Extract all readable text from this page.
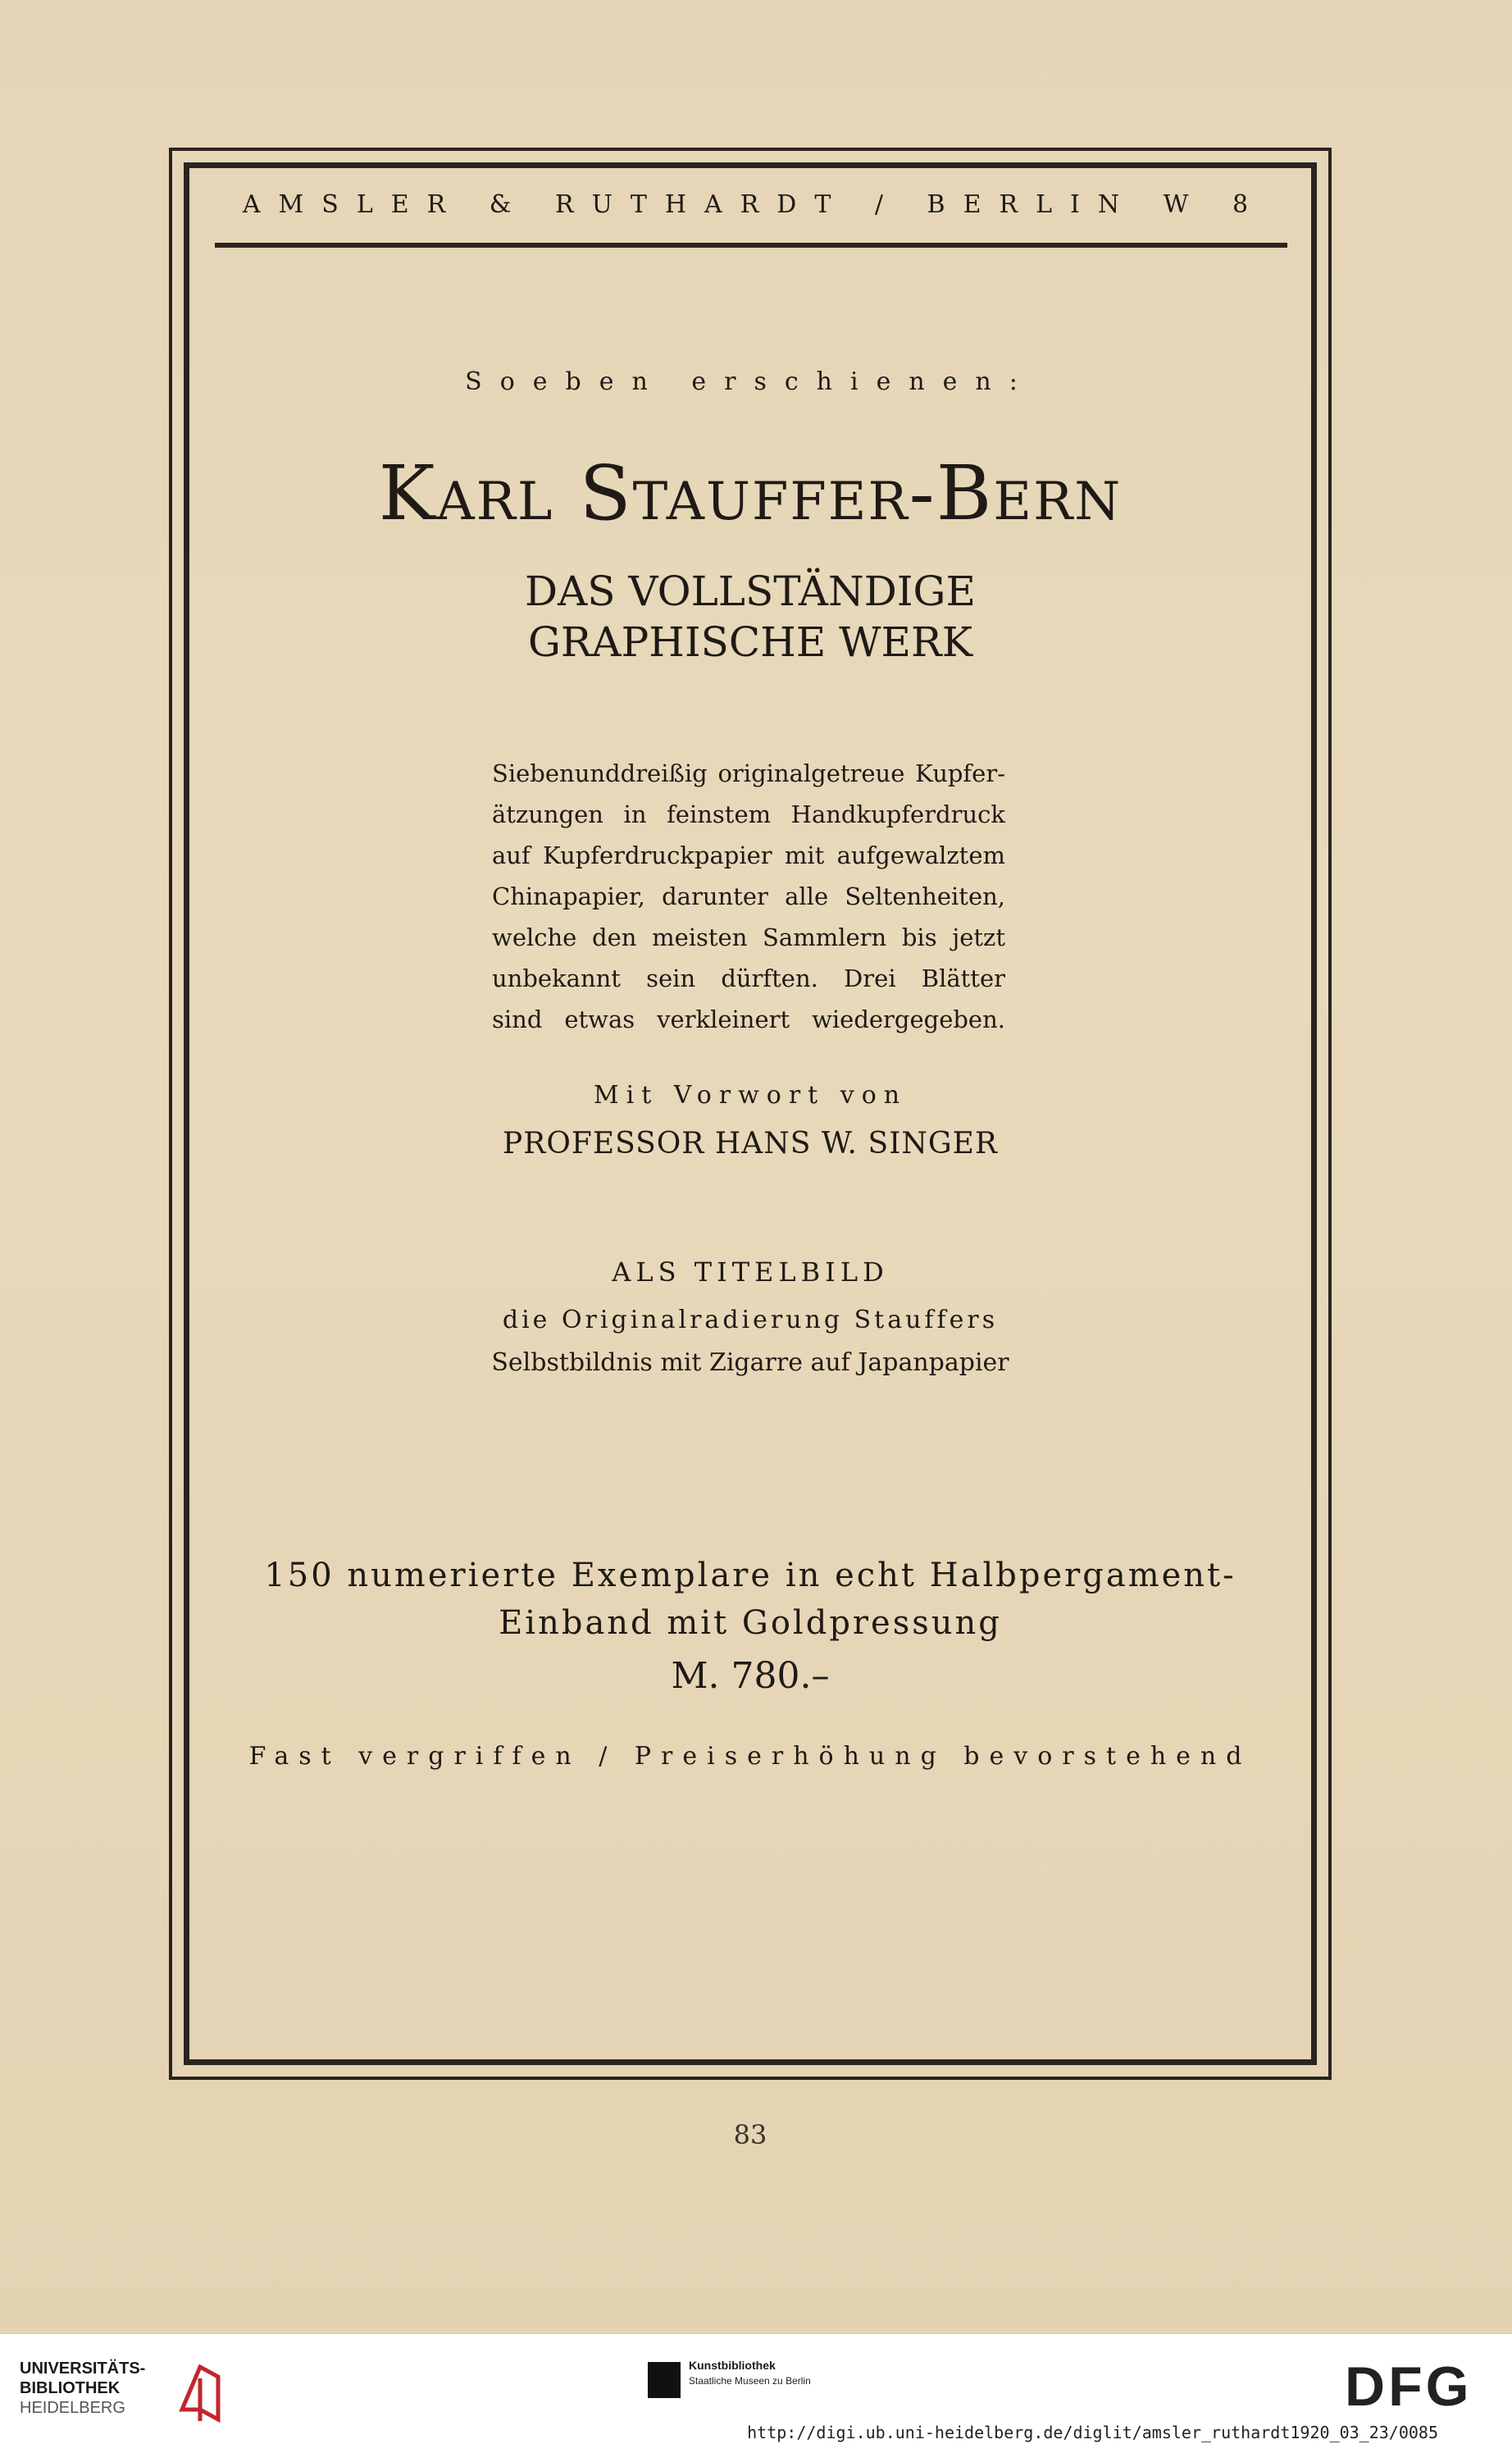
AMSLER & RUTHARDT / BERLIN W 8
Soeben erschienen:
Karl Stauffer-Bern
DAS VOLLSTÄNDIGE
GRAPHISCHE WERK
Siebenunddreißig originalgetreue Kupfer-
ätzungen in feinstem Handkupferdruck
auf Kupferdruckpapier mit aufgewalztem
Chinapapier, darunter alle Seltenheiten,
welche den meisten Sammlern bis jetzt
unbekannt sein dürften. Drei Blätter
sind etwas verkleinert wiedergegeben.
Mit Vorwort von
PROFESSOR HANS W. SINGER
ALS TITELBILD
die Originalradierung Stauffers
Selbstbildnis mit Zigarre auf Japanpapier
150 numerierte Exemplare in echt Halbpergament-
Einband mit Goldpressung
M. 780.–
Fast vergriffen / Preiserhöhung bevorstehend
83
UNIVERSITÄTS-
BIBLIOTHEK
HEIDELBERG
Kunstbibliothek
Staatliche Museen zu Berlin	DFG
http://digi.ub.uni-heidelberg.de/diglit/amsler_ruthardt1920_03_23/0085
